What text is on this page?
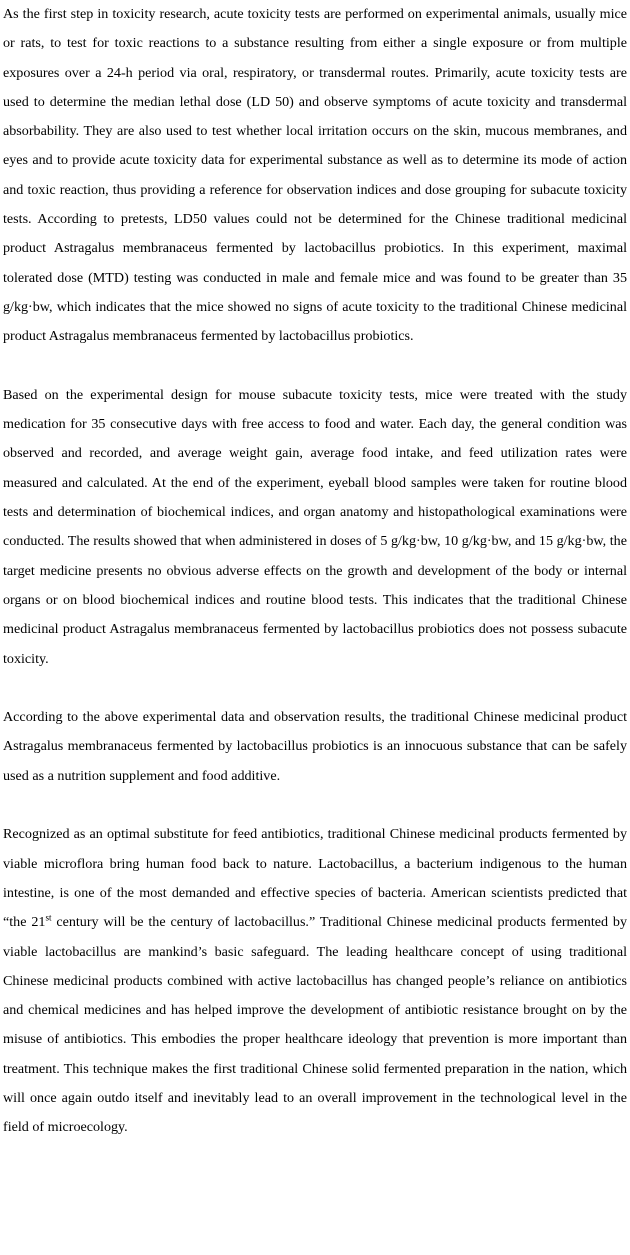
As the first step in toxicity research, acute toxicity tests are performed on experimental animals, usually mice or rats, to test for toxic reactions to a substance resulting from either a single exposure or from multiple exposures over a 24-h period via oral, respiratory, or transdermal routes. Primarily, acute toxicity tests are used to determine the median lethal dose (LD 50) and observe symptoms of acute toxicity and transdermal absorbability. They are also used to test whether local irritation occurs on the skin, mucous membranes, and eyes and to provide acute toxicity data for experimental substance as well as to determine its mode of action and toxic reaction, thus providing a reference for observation indices and dose grouping for subacute toxicity tests. According to pretests, LD50 values could not be determined for the Chinese traditional medicinal product Astragalus membranaceus fermented by lactobacillus probiotics. In this experiment, maximal tolerated dose (MTD) testing was conducted in male and female mice and was found to be greater than 35 g/kg·bw, which indicates that the mice showed no signs of acute toxicity to the traditional Chinese medicinal product Astragalus membranaceus fermented by lactobacillus probiotics.

Based on the experimental design for mouse subacute toxicity tests, mice were treated with the study medication for 35 consecutive days with free access to food and water. Each day, the general condition was observed and recorded, and average weight gain, average food intake, and feed utilization rates were measured and calculated. At the end of the experiment, eyeball blood samples were taken for routine blood tests and determination of biochemical indices, and organ anatomy and histopathological examinations were conducted. The results showed that when administered in doses of 5 g/kg·bw, 10 g/kg·bw, and 15 g/kg·bw, the target medicine presents no obvious adverse effects on the growth and development of the body or internal organs or on blood biochemical indices and routine blood tests. This indicates that the traditional Chinese medicinal product Astragalus membranaceus fermented by lactobacillus probiotics does not possess subacute toxicity.

According to the above experimental data and observation results, the traditional Chinese medicinal product Astragalus membranaceus fermented by lactobacillus probiotics is an innocuous substance that can be safely used as a nutrition supplement and food additive.

Recognized as an optimal substitute for feed antibiotics, traditional Chinese medicinal products fermented by viable microflora bring human food back to nature. Lactobacillus, a bacterium indigenous to the human intestine, is one of the most demanded and effective species of bacteria. American scientists predicted that “the 21st century will be the century of lactobacillus.” Traditional Chinese medicinal products fermented by viable lactobacillus are mankind’s basic safeguard. The leading healthcare concept of using traditional Chinese medicinal products combined with active lactobacillus has changed people’s reliance on antibiotics and chemical medicines and has helped improve the development of antibiotic resistance brought on by the misuse of antibiotics. This embodies the proper healthcare ideology that prevention is more important than treatment. This technique makes the first traditional Chinese solid fermented preparation in the nation, which will once again outdo itself and inevitably lead to an overall improvement in the technological level in the field of microecology.
